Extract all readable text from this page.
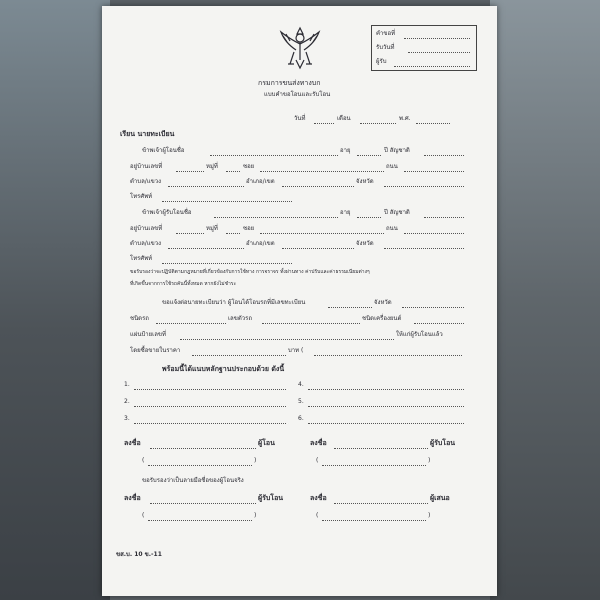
คำขอที่
รับวันที่
ผู้รับ
กรมการขนส่งทางบก
แบบคำขอโอนและรับโอน
วันที่	เดือน	พ.ศ.
เรียน นายทะเบียน
ข้าพเจ้าผู้โอนชื่อ	อายุ	ปี สัญชาติ
อยู่บ้านเลขที่	หมู่ที่	ซอย	ถนน
ตำบล/แขวง	อำเภอ/เขต	จังหวัด
โทรศัพท์
ข้าพเจ้าผู้รับโอนชื่อ	อายุ	ปี สัญชาติ
อยู่บ้านเลขที่	หมู่ที่	ซอย	ถนน
ตำบล/แขวง	อำเภอ/เขต	จังหวัด
โทรศัพท์
ขอรับรองว่าจะปฏิบัติตามกฎหมายที่เกี่ยวข้องกับการใช้ทาง การจราจร ทั้งผ่านทาง ค่าปรับและค่าธรรมเนียมต่างๆ
ที่เกิดขึ้นจากการใช้รถคันนี้ทั้งหมด หากยังไม่ชำระ
ขอแจ้งต่อนายทะเบียนว่า ผู้โอนได้โอนรถที่มีเลขทะเบียน	จังหวัด
ชนิดรถ	เลขตัวรถ	ชนิดเครื่องยนต์
แผ่นป้ายเลขที่	ให้แก่ผู้รับโอนแล้ว
โดยซื้อขายในราคา	บาท (
พร้อมนี้ได้แนบหลักฐานประกอบด้วย ดังนี้
1.	4.
2.	5.
3.	6.
ลงชื่อ	ผู้โอน	ลงชื่อ	ผู้รับโอน
(	)	(	)
ขอรับรองว่าเป็นลายมือชื่อของผู้โอนจริง
ลงชื่อ	ผู้รับโอน	ลงชื่อ	ผู้เสนอ
(	)	(	)
ขส.บ. 10 ข.-11
